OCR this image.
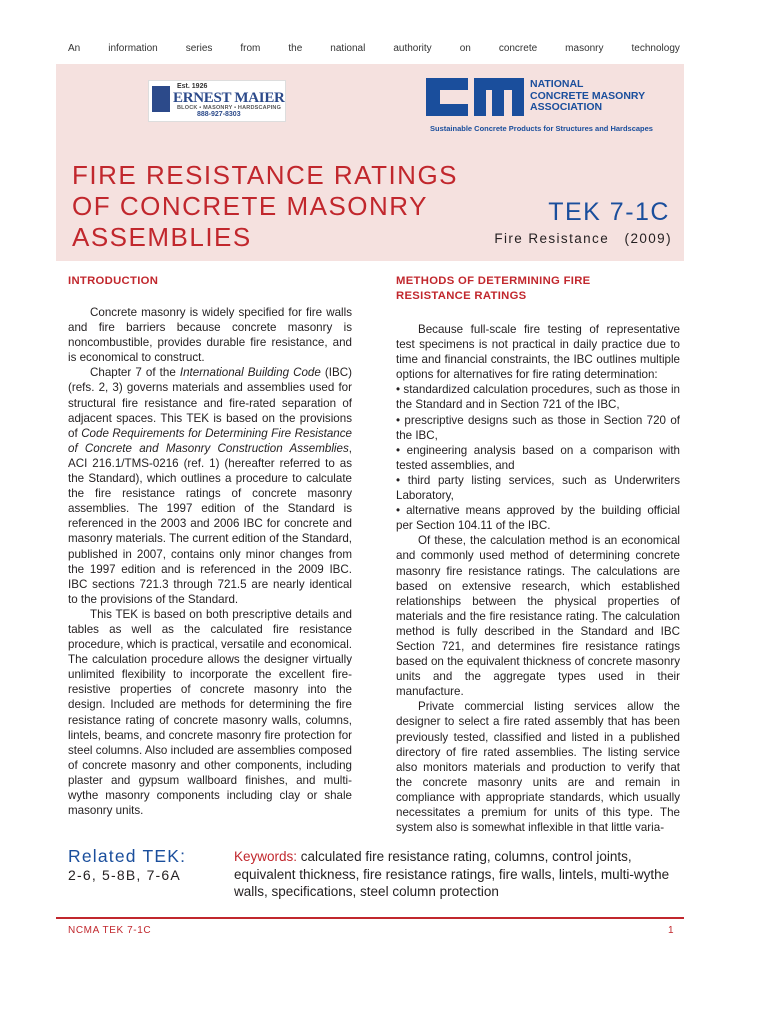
An	information	series	from	the	national	authority	on	concrete	masonry	technology
Est. 1926
ERNEST MAIER
BLOCK • MASONRY • HARDSCAPING
888-927-8303
NATIONAL
CONCRETE MASONRY
ASSOCIATION
Sustainable Concrete Products for Structures and Hardscapes
FIRE RESISTANCE RATINGS
OF CONCRETE MASONRY
ASSEMBLIES
TEK 7-1C
Fire Resistance   (2009)
INTRODUCTION

Concrete masonry is widely specified for fire walls and fire barriers because concrete masonry is noncombustible, provides durable fire resistance, and is economical to construct.

Chapter 7 of the International Building Code (IBC) (refs. 2, 3) governs materials and assemblies used for structural fire resistance and fire-rated separation of adjacent spaces. This TEK is based on the provisions of Code Requirements for Determining Fire Resistance of Concrete and Masonry Construction Assemblies, ACI 216.1/TMS-0216 (ref. 1) (hereafter referred to as the Standard), which outlines a procedure to calculate the fire resistance ratings of concrete masonry assemblies. The 1997 edition of the Standard is referenced in the 2003 and 2006 IBC for concrete and masonry materials. The current edition of the Standard, published in 2007, contains only minor changes from the 1997 edition and is referenced in the 2009 IBC. IBC sections 721.3 through 721.5 are nearly identical to the provisions of the Standard.

This TEK is based on both prescriptive details and tables as well as the calculated fire resistance procedure, which is practical, versatile and economical. The calculation procedure allows the designer virtually unlimited flexibility to incorporate the excellent fire-resistive properties of concrete masonry into the design. Included are methods for determining the fire resistance rating of concrete masonry walls, columns, lintels, beams, and concrete masonry fire protection for steel columns. Also included are assemblies composed of concrete masonry and other components, including plaster and gypsum wallboard finishes, and multi-wythe masonry components including clay or shale masonry units.

METHODS OF DETERMINING FIRE
RESISTANCE RATINGS

Because full-scale fire testing of representative test specimens is not practical in daily practice due to time and financial constraints, the IBC outlines multiple options for alternatives for fire rating determination:

• standardized calculation procedures, such as those in the Standard and in Section 721 of the IBC,

• prescriptive designs such as those in Section 720 of the IBC,

• engineering analysis based on a comparison with tested assemblies, and

• third party listing services, such as Underwriters Laboratory,

• alternative means approved by the building official per Section 104.11 of the IBC.

Of these, the calculation method is an economical and commonly used method of determining concrete masonry fire resistance ratings. The calculations are based on extensive research, which established relationships between the physical properties of materials and the fire resistance rating. The calculation method is fully described in the Standard and IBC Section 721, and determines fire resistance ratings based on the equivalent thickness of concrete masonry units and the aggregate types used in their manufacture.

Private commercial listing services allow the designer to select a fire rated assembly that has been previously tested, classified and listed in a published directory of fire rated assemblies. The listing service also monitors materials and production to verify that the concrete masonry units are and remain in compliance with appropriate standards, which usually necessitates a premium for units of this type. The system also is somewhat inflexible in that little varia-

Related TEK:
2-6, 5-8B, 7-6A
Keywords: calculated fire resistance rating, columns, control joints, equivalent thickness, fire resistance ratings, fire walls, lintels, multi-wythe walls, specifications, steel column protection
NCMA TEK 7-1C	1
